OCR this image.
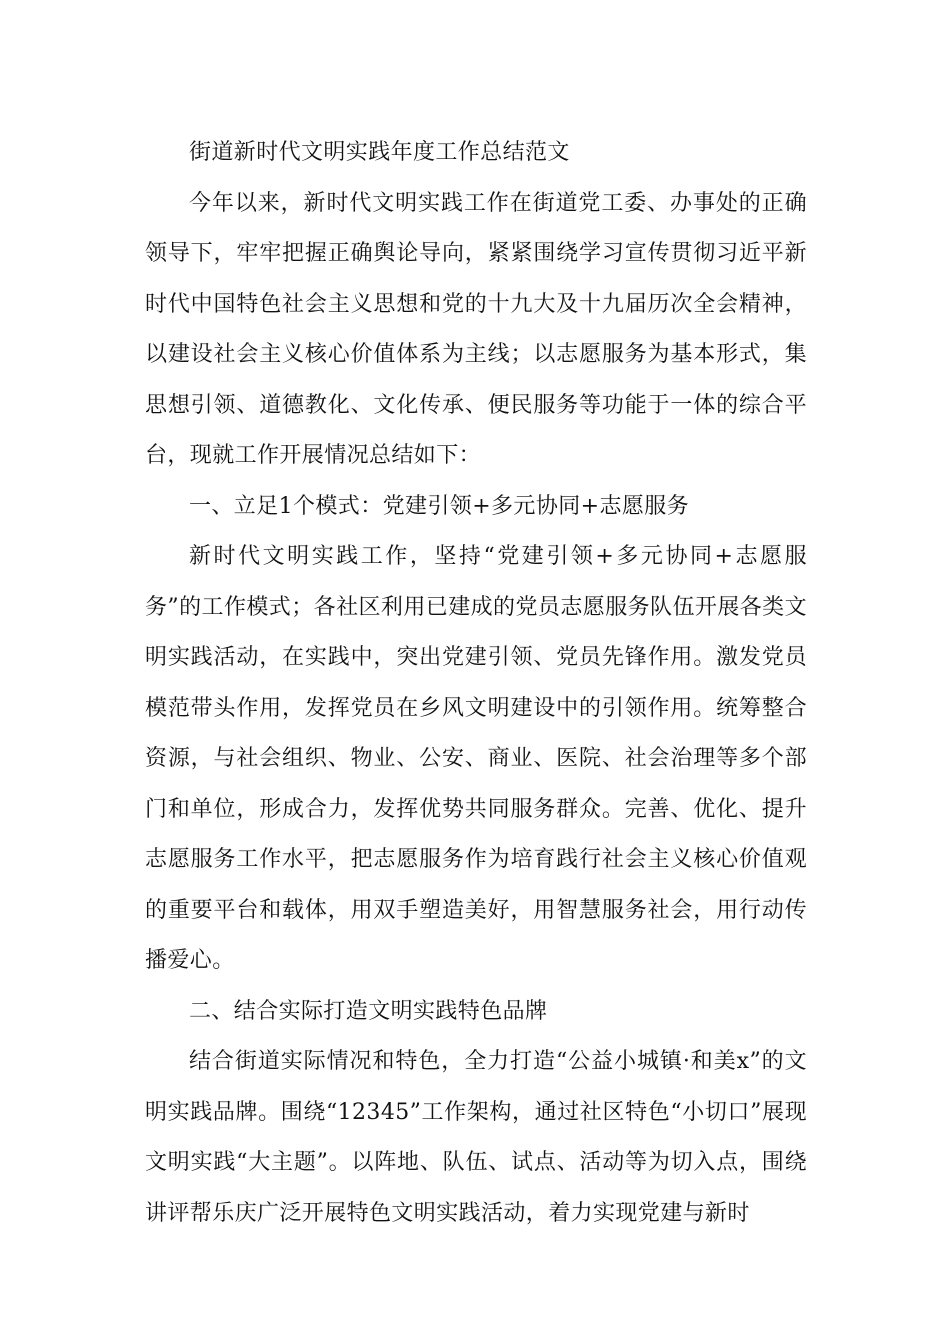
街道新时代文明实践年度工作总结范文

今年以来，新时代文明实践工作在街道党工委、办事处的正确领导下，牢牢把握正确舆论导向，紧紧围绕学习宣传贯彻习近平新时代中国特色社会主义思想和党的十九大及十九届历次全会精神，以建设社会主义核心价值体系为主线；以志愿服务为基本形式，集思想引领、道德教化、文化传承、便民服务等功能于一体的综合平台，现就工作开展情况总结如下：

一、立足1个模式：党建引领+多元协同+志愿服务

新时代文明实践工作，坚持“党建引领+多元协同+志愿服务”的工作模式；各社区利用已建成的党员志愿服务队伍开展各类文明实践活动，在实践中，突出党建引领、党员先锋作用。激发党员模范带头作用，发挥党员在乡风文明建设中的引领作用。统筹整合资源，与社会组织、物业、公安、商业、医院、社会治理等多个部门和单位，形成合力，发挥优势共同服务群众。完善、优化、提升志愿服务工作水平，把志愿服务作为培育践行社会主义核心价值观的重要平台和载体，用双手塑造美好，用智慧服务社会，用行动传播爱心。

二、结合实际打造文明实践特色品牌

结合街道实际情况和特色，全力打造“公益小城镇·和美x”的文明实践品牌。围绕“12345”工作架构，通过社区特色“小切口”展现文明实践“大主题”。以阵地、队伍、试点、活动等为切入点，围绕讲评帮乐庆广泛开展特色文明实践活动，着力实现党建与新时
